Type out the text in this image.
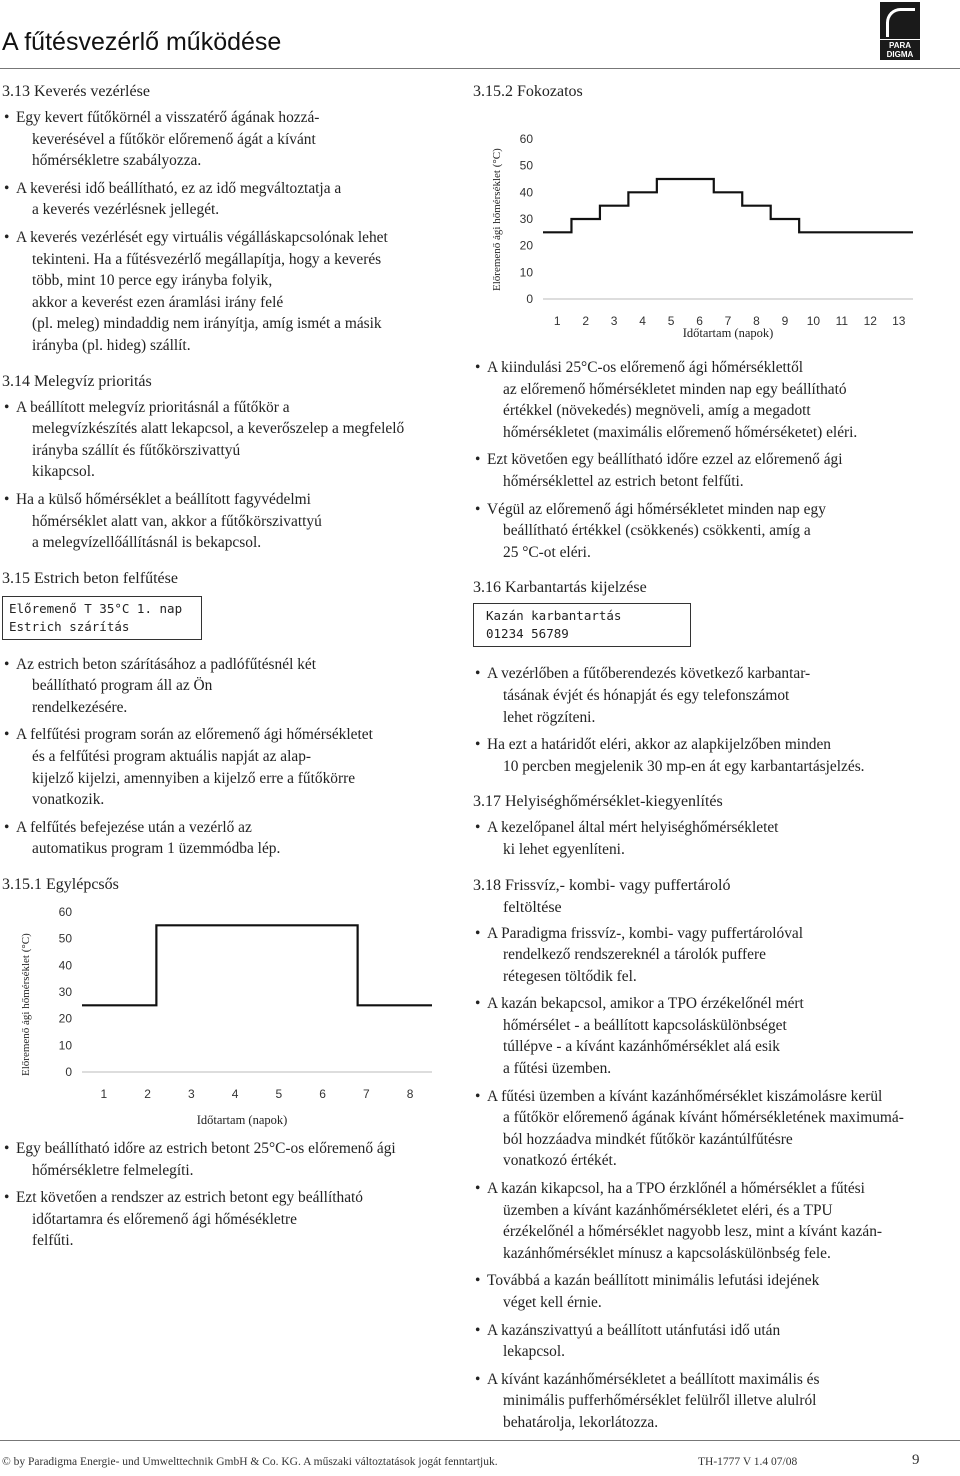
A fűtésvezérlő működése	PARA
DIGMA
3.13 Keverés vezérlése
• Egy kevert fűtőkörnél a visszatérő ágának hozzá-
keverésével a fűtőkör előremenő ágát a kívánt
hőmérsékletre szabályozza.
• A keverési idő beállítható, ez az idő megváltoztatja a
a keverés vezérlésnek jellegét.
• A keverés vezérlését egy virtuális végálláskapcsolónak lehet
tekinteni. Ha a fűtésvezérlő megállapítja, hogy a keverés
több, mint 10 perce egy irányba folyik,
akkor a keverést ezen áramlási irány felé
(pl. meleg) mindaddig nem irányítja, amíg ismét a másik
irányba (pl. hideg) szállít.
3.14 Melegvíz prioritás
• A beállított melegvíz prioritásnál a fűtőkör a
melegvízkészítés alatt lekapcsol, a keverőszelep a megfelelő
irányba szállít és fűtőkörszivattyú
kikapcsol.
• Ha a külső hőmérséklet a beállított fagyvédelmi
hőmérséklet alatt van, akkor a fűtőkörszivattyú
a melegvízellőállításnál is bekapcsol.
3.15 Estrich beton felfűtése
Előremenő T 35°C 1. nap
Estrich szárítás
• Az estrich beton szárításához a padlófűtésnél két
beállítható program áll az Ön
rendelkezésére.
• A felfűtési program során az előremenő ági hőmérsékletet
és a felfűtési program aktuális napját az alap-
kijelző kijelzi, amennyiben a kijelző erre a fűtőkörre
vonatkozik.
• A felfűtés befejezése után a vezérlő az
automatikus program 1 üzemmódba lép.
3.15.1 Egylépcsős
Előremenő ági hőmérséklet (°C)	0
10
20
30
40
50
60
1	2	3	4	5	6	7	8
Időtartam (napok)
• Egy beállítható időre az estrich betont 25°C-os előremenő ági
hőmérsékletre felmelegíti.
• Ezt követően a rendszer az estrich betont egy beállítható
időtartamra és előremenő ági hőmésékletre
felfűti.
3.15.2 Fokozatos
Előremenő ági hőmérséklet (°C)
0
10
20
30
40
50
60
1 2 3 4 5 6 7 8 9 10 11 12 13
Időtartam (napok)
• A kiindulási 25°C-os előremenő ági hőmérséklettől
az előremenő hőmérsékletet minden nap egy beállítható
értékkel (növekedés) megnöveli, amíg a megadott
hőmérsékletet (maximális előremenő hőmérséketet) eléri.
• Ezt követően egy beállítható időre ezzel az előremenő ági
hőmérséklettel az estrich betont felfűti.
• Végül az előremenő ági hőmérsékletet minden nap egy
beállítható értékkel (csökkenés) csökkenti, amíg a
25 °C-ot eléri.
3.16 Karbantartás kijelzése
Kazán karbantartás
01234 56789
• A vezérlőben a fűtőberendezés következő karbantar-
tásának évjét és hónapját és egy telefonszámot
lehet rögzíteni.
• Ha ezt a határidőt eléri, akkor az alapkijelzőben minden
10 percben megjelenik 30 mp-en át egy karbantartásjelzés.
3.17 Helyiséghőmérséklet-kiegyenlítés
• A kezelőpanel által mért helyiséghőmérsékletet
ki lehet egyenlíteni.
3.18 Frissvíz,- kombi- vagy puffertároló
feltöltése
• A Paradigma frissvíz-, kombi- vagy puffertárolóval
rendelkező rendszereknél a tárolók puffere
rétegesen töltődik fel.
• A kazán bekapcsol, amikor a TPO érzékelőnél mért
hőmérsélet - a beállított kapcsoláskülönbséget
túllépve - a kívánt kazánhőmérséklet alá esik
a fűtési üzemben.
• A fűtési üzemben a kívánt kazánhőmérséklet kiszámolásre kerül
a fűtőkör előremenő ágának kívánt hőmérsékletének maximumá-
ból hozzáadva mindkét fűtőkör kazántúlfűtésre
vonatkozó értékét.
• A kazán kikapcsol, ha a TPO érzklőnél a hőmérséklet a fűtési
üzemben a kívánt kazánhőmérsékletet eléri, és a TPU
érzékelőnél a hőmérséklet nagyobb lesz, mint a kívánt kazán-
kazánhőmérséklet mínusz a kapcsoláskülönbség fele.
• Továbbá a kazán beállított minimális lefutási idejének
véget kell érnie.
• A kazánszivattyú a beállított utánfutási idő után
lekapcsol.
• A kívánt kazánhőmérsékletet a beállított maximális és
minimális pufferhőmérséklet felülről illetve alulról
behatárolja, lekorlátozza.
© by Paradigma Energie- und Umwelttechnik GmbH & Co. KG. A műszaki változtatások jogát fenntartjuk.	TH-1777 V 1.4 07/08	9
